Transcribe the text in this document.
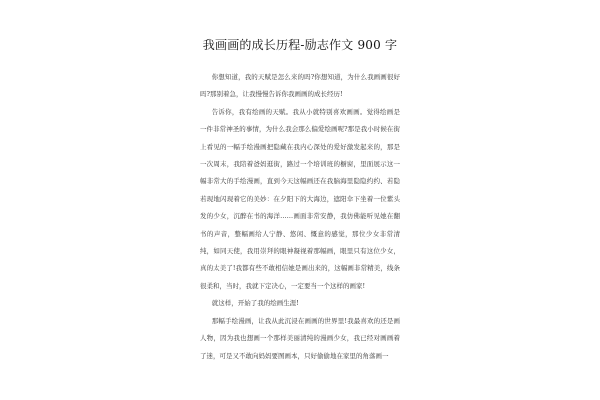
我画画的成长历程-励志作文 900 字

你想知道，我的天赋是怎么来的吗?你想知道，为什么我画画很好吗?那别着急，让我慢慢告诉你我画画的成长经历!

告诉你，我有绘画的天赋。我从小就特别喜欢画画。觉得绘画是一件非常神圣的事情，为什么我会那么偏爱绘画呢?那是我小时候在街上看见的一幅手绘漫画把隐藏在我内心深处的爱好激发起来的，那是一次周末，我陪着爸妈逛街，路过一个培训班的橱窗，里面展示这一幅非常大的手绘漫画，直到今天这幅画还在我脑海里隐隐约约、若隐若现地闪现着它的美妙：在夕阳下的大海边，遮阳伞下坐着一位紫头发的少女，沉醉在书的海洋……画面非常安静，我仿佛能听见她在翻书的声音，整幅画给人宁静、悠闲、慨意的感觉，那位少女非常清纯，如同天使，我用崇拜的眼神凝视着那幅画，眼里只有这位少女，真的太美了!我都有些不敢相信她是画出来的，这幅画非常精美，线条很柔和，当时，我就下定决心，一定要当一个这样的画家!

就这样，开始了我的绘画生涯!

那幅手绘漫画，让我从此沉浸在画画的世界里!我最喜欢的还是画人物，因为我也想画一个那样美丽清纯的漫画少女，我已经对画画着了迷，可是又不敢向妈妈要图画本，只好偷偷地在家里的角落画一
